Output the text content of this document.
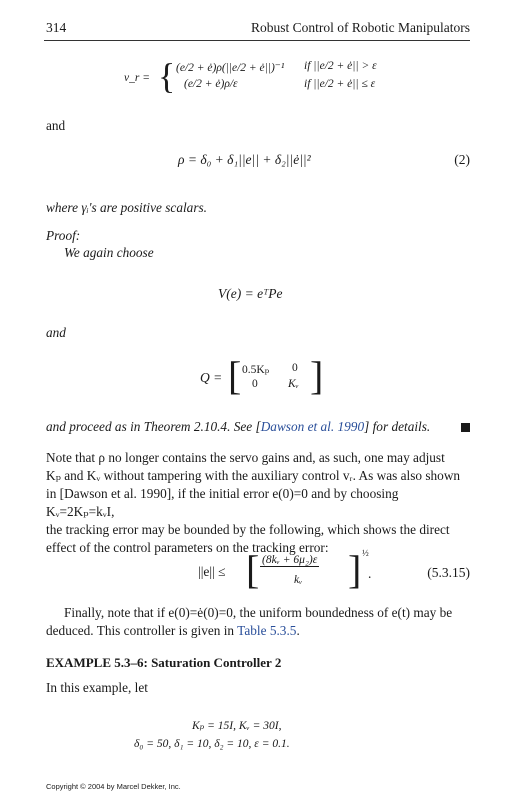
314	Robust Control of Robotic Manipulators
v_r = { (e/2 + ė)ρ(||e/2 + ė||)⁻¹ if ||e/2 + ė|| > ε
(e/2 + ė)ρ/ε	if ||e/2 + ė|| ≤ ε
and
ρ = δ₀ + δ₁||e|| + δ₂||ė||²	(2)
where γᵢ's are positive scalars.
Proof:
We again choose
V(e) = eᵀPe
and
Q = [ 0.5Kₚ 0
0	Kᵥ ]
and proceed as in Theorem 2.10.4. See [Dawson et al. 1990] for details.
Note that ρ no longer contains the servo gains and, as such, one may adjust
Kₚ and Kᵥ without tampering with the auxiliary control vᵣ. As was also shown
in [Dawson et al. 1990], if the initial error e(0)=0 and by choosing Kᵥ=2Kₚ=kᵥI,
the tracking error may be bounded by the following, which shows the direct
effect of the control parameters on the tracking error:
||e|| ≤ [ (8kᵥ + 6μ₂)ε
kᵥ ] ½
.	(5.3.15)
Finally, note that if e(0)=ė(0)=0, the uniform boundedness of e(t) may be
deduced. This controller is given in Table 5.3.5.
EXAMPLE 5.3–6: Saturation Controller 2
In this example, let
Kₚ = 15I, Kᵥ = 30I,
δ₀ = 50, δ₁ = 10, δ₂ = 10, ε = 0.1.
Copyright © 2004 by Marcel Dekker, Inc.
